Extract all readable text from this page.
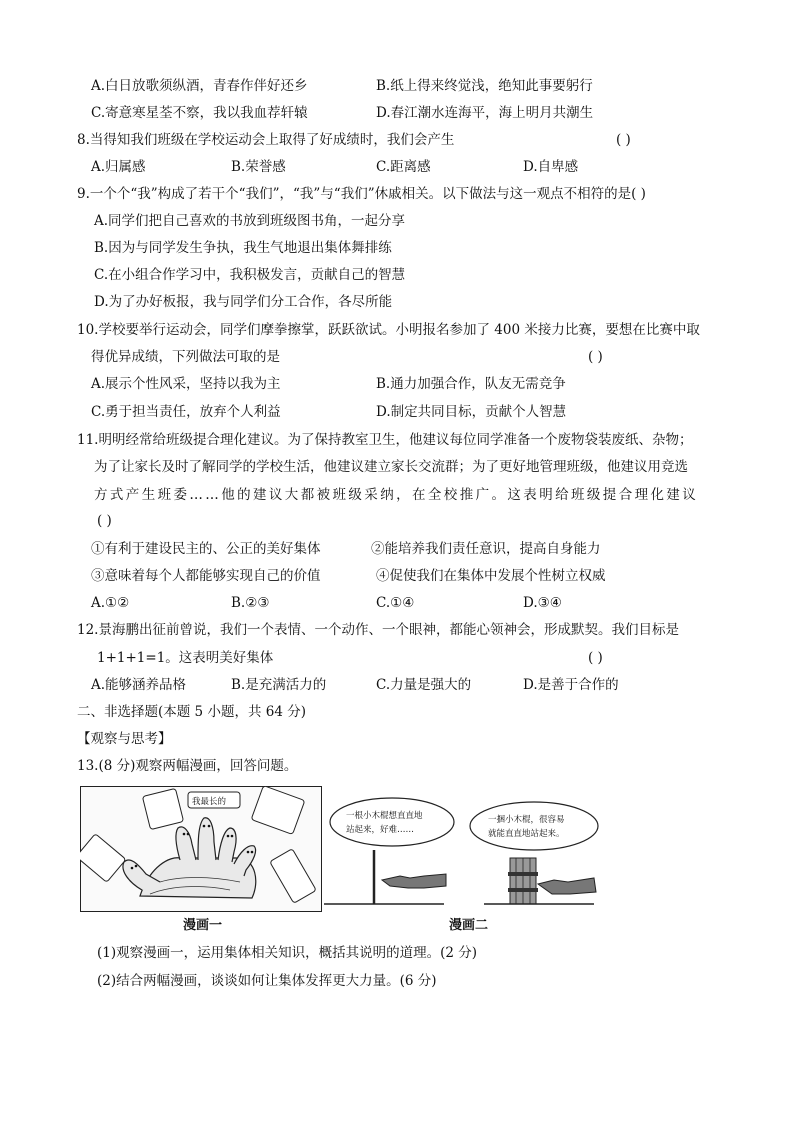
A.白日放歌须纵酒，青春作伴好还乡	B.纸上得来终觉浅，绝知此事要躬行
C.寄意寒星荃不察，我以我血荐轩辕	D.春江潮水连海平，海上明月共潮生
8.当得知我们班级在学校运动会上取得了好成绩时，我们会产生	( )
A.归属感	B.荣誉感	C.距离感	D.自卑感
9.一个个“我”构成了若干个“我们”，“我”与“我们”休戚相关。以下做法与这一观点不相符的是( )
A.同学们把自己喜欢的书放到班级图书角，一起分享
B.因为与同学发生争执，我生气地退出集体舞排练
C.在小组合作学习中，我积极发言，贡献自己的智慧
D.为了办好板报，我与同学们分工合作，各尽所能
10.学校要举行运动会，同学们摩拳擦掌，跃跃欲试。小明报名参加了 400 米接力比赛，要想在比赛中取
得优异成绩，下列做法可取的是	( )
A.展示个性风采，坚持以我为主	B.通力加强合作，队友无需竞争
C.勇于担当责任，放弃个人利益	D.制定共同目标，贡献个人智慧
11.明明经常给班级提合理化建议。为了保持教室卫生，他建议每位同学准备一个废物袋装废纸、杂物；
为了让家长及时了解同学的学校生活，他建议建立家长交流群；为了更好地管理班级，他建议用竞选
方式产生班委……他的建议大都被班级采纳，在全校推广。这表明给班级提合理化建议
( )
①有利于建设民主的、公正的美好集体	②能培养我们责任意识，提高自身能力
③意味着每个人都能够实现自己的价值	④促使我们在集体中发展个性树立权威
A.①②	B.②③	C.①④	D.③④
12.景海鹏出征前曾说，我们一个表情、一个动作、一个眼神，都能心领神会，形成默契。我们目标是
1+1+1=1。这表明美好集体	( )
A.能够涵养品格	B.是充满活力的	C.力量是强大的	D.是善于合作的
二、非选择题(本题 5 小题，共 64 分)
【观察与思考】
13.(8 分)观察两幅漫画，回答问题。
我最长的
一根小木棍想直直地
站起来，好难……
一捆小木棍，很容易
就能直直地站起来。
漫画一	漫画二
(1)观察漫画一，运用集体相关知识，概括其说明的道理。(2 分)
(2)结合两幅漫画，谈谈如何让集体发挥更大力量。(6 分)
